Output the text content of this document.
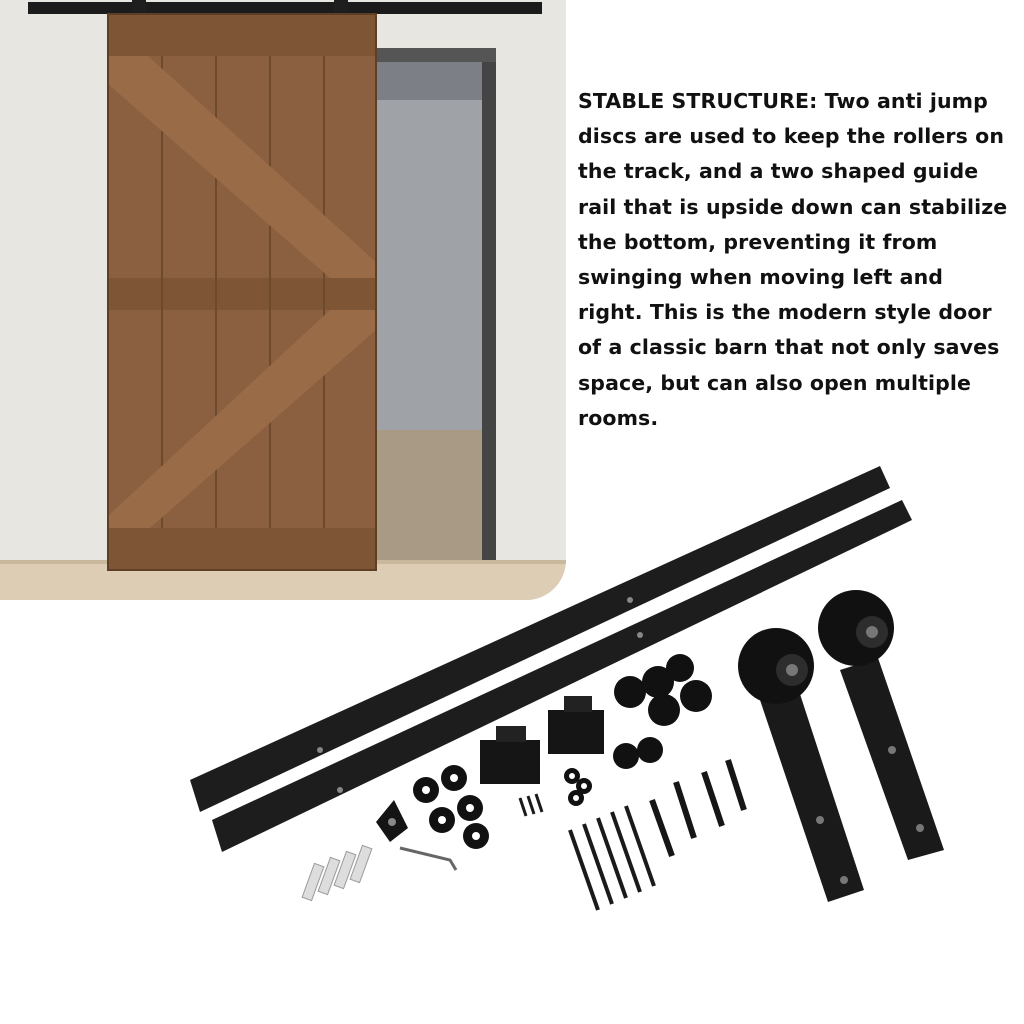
STABLE STRUCTURE: Two anti jump discs are used to keep the rollers on the track, and a two shaped guide rail that is upside down can stabilize the bottom, preventing it from swinging when moving left and right. This is the modern style door of a classic barn that not only saves space, but can also open multiple rooms.
